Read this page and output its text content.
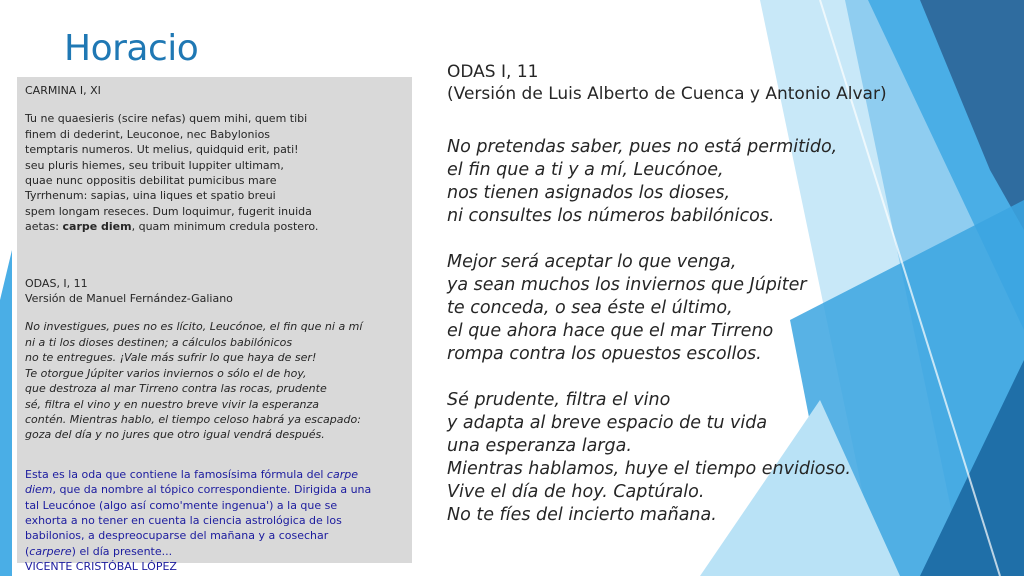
Horacio

CARMINA I, XI

Tu ne quaesieris (scire nefas) quem mihi, quem tibi

finem di dederint, Leuconoe, nec Babylonios

temptaris numeros. Ut melius, quidquid erit, pati!

seu pluris hiemes, seu tribuit Iuppiter ultimam,

quae nunc oppositis debilitat pumicibus mare

Tyrrhenum: sapias, uina liques et spatio breui

spem longam reseces. Dum loquimur, fugerit inuida

aetas: carpe diem, quam minimum credula postero.

ODAS, I, 11

Versión de Manuel Fernández-Galiano

No investigues, pues no es lícito, Leucónoe, el fin que ni a mí

ni a ti los dioses destinen; a cálculos babilónicos

no te entregues. ¡Vale más sufrir lo que haya de ser!

Te otorgue Júpiter varios inviernos o sólo el de hoy,

que destroza al mar Tirreno contra las rocas, prudente

sé, filtra el vino y en nuestro breve vivir la esperanza

contén. Mientras hablo, el tiempo celoso habrá ya escapado:

goza del día y no jures que otro igual vendrá después.

Esta es la oda que contiene la famosísima fórmula del carpe

diem, que da nombre al tópico correspondiente. Dirigida a una

tal Leucónoe (algo así como'mente ingenua') a la que se

exhorta a no tener en cuenta la ciencia astrológica de los

babilonios, a despreocuparse del mañana y a cosechar

(carpere) el día presente...

VICENTE CRISTÓBAL LÓPEZ

ODAS I, 11

(Versión de Luis Alberto de Cuenca y Antonio Alvar)

No pretendas saber, pues no está permitido,

el fin que a ti y a mí, Leucónoe,

nos tienen asignados los dioses,

ni consultes los números babilónicos.

Mejor será aceptar lo que venga,

ya sean muchos los inviernos que Júpiter

te conceda, o sea éste el último,

el que ahora hace que el mar Tirreno

rompa contra los opuestos escollos.

Sé prudente, filtra el vino

y adapta al breve espacio de tu vida

una esperanza larga.

Mientras hablamos, huye el tiempo envidioso.

Vive el día de hoy. Captúralo.

No te fíes del incierto mañana.
